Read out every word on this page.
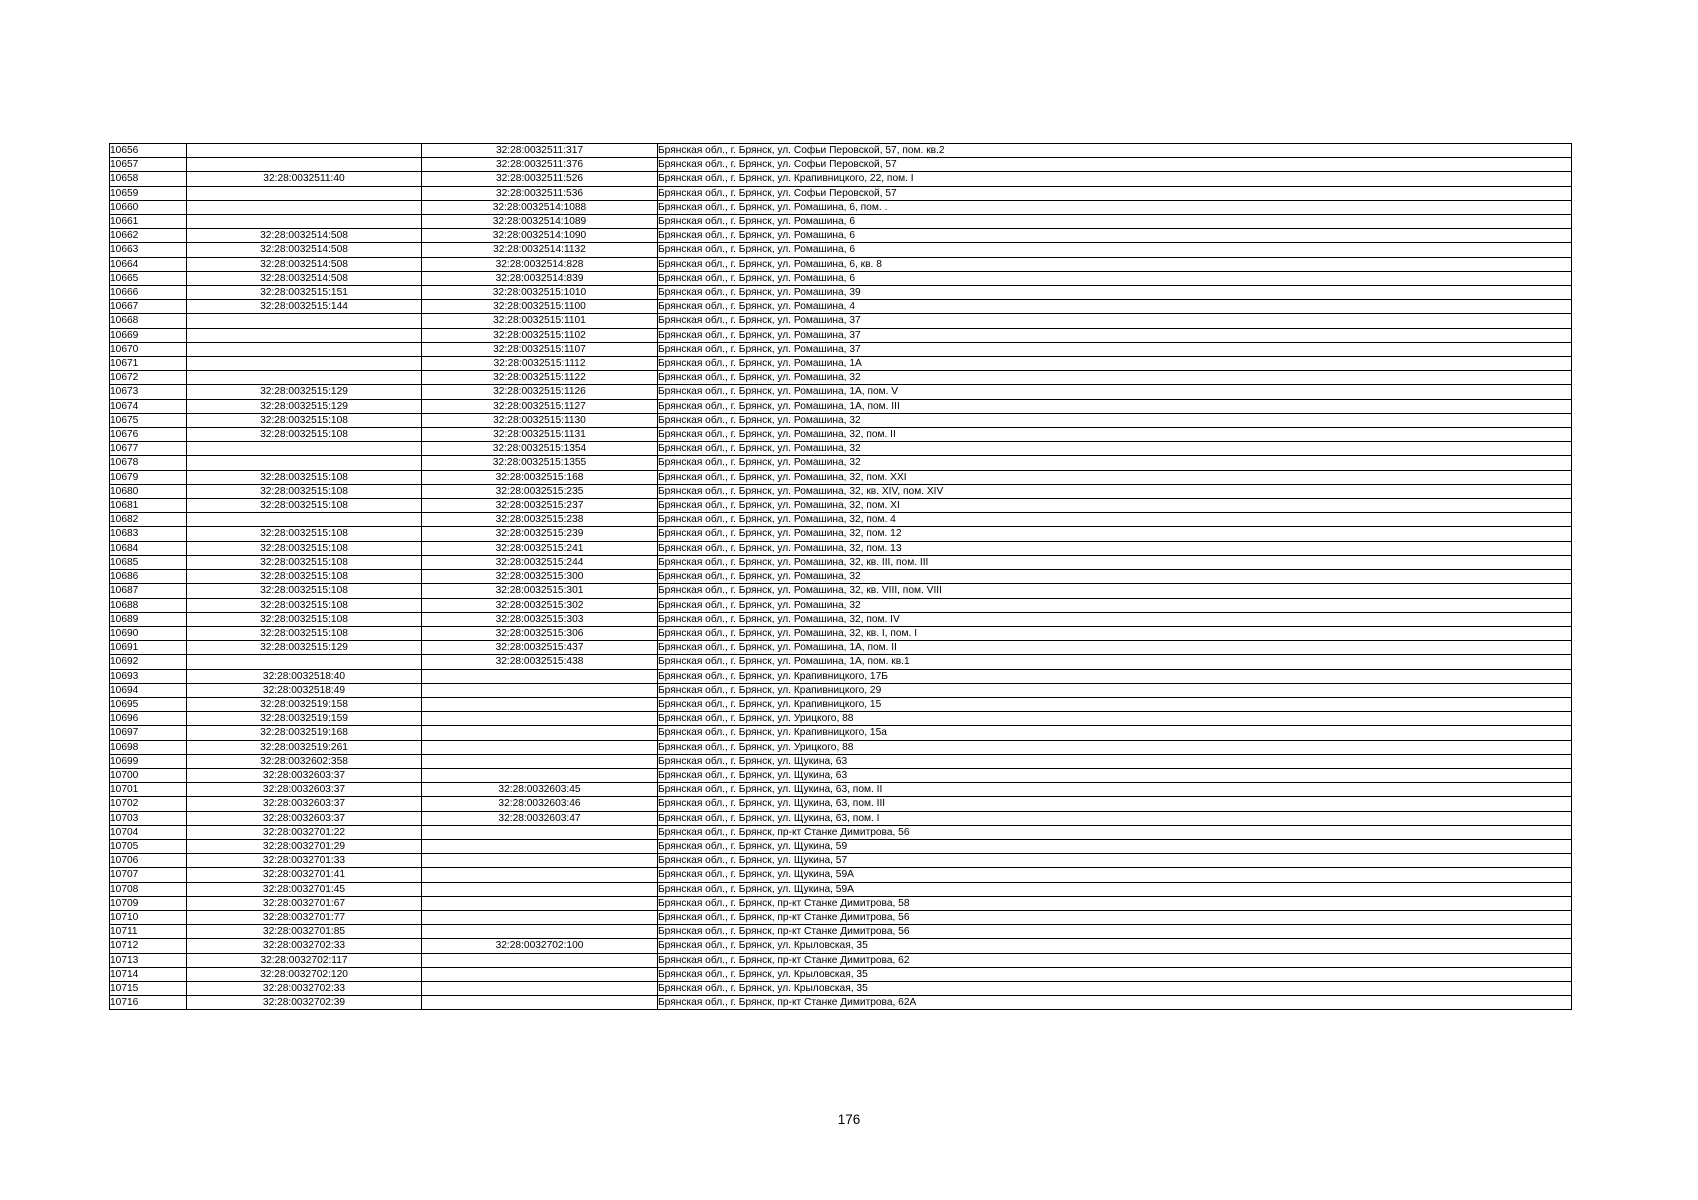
10656		32:28:0032511:317	Брянская обл., г. Брянск, ул. Софьи Перовской, 57, пом. кв.2
10657		32:28:0032511:376	Брянская обл., г. Брянск, ул. Софьи Перовской, 57
10658	32:28:0032511:40	32:28:0032511:526	Брянская обл., г. Брянск, ул. Крапивницкого, 22, пом. I
10659		32:28:0032511:536	Брянская обл., г. Брянск, ул. Софьи Перовской, 57
10660		32:28:0032514:1088	Брянская обл., г. Брянск, ул. Ромашина, 6, пом. .
10661		32:28:0032514:1089	Брянская обл., г. Брянск, ул. Ромашина, 6
10662	32:28:0032514:508	32:28:0032514:1090	Брянская обл., г. Брянск, ул. Ромашина, 6
10663	32:28:0032514:508	32:28:0032514:1132	Брянская обл., г. Брянск, ул. Ромашина, 6
10664	32:28:0032514:508	32:28:0032514:828	Брянская обл., г. Брянск, ул. Ромашина, 6, кв. 8
10665	32:28:0032514:508	32:28:0032514:839	Брянская обл., г. Брянск, ул. Ромашина, 6
10666	32:28:0032515:151	32:28:0032515:1010	Брянская обл., г. Брянск, ул. Ромашина, 39
10667	32:28:0032515:144	32:28:0032515:1100	Брянская обл., г. Брянск, ул. Ромашина, 4
10668		32:28:0032515:1101	Брянская обл., г. Брянск, ул. Ромашина, 37
10669		32:28:0032515:1102	Брянская обл., г. Брянск, ул. Ромашина, 37
10670		32:28:0032515:1107	Брянская обл., г. Брянск, ул. Ромашина, 37
10671		32:28:0032515:1112	Брянская обл., г. Брянск, ул. Ромашина, 1А
10672		32:28:0032515:1122	Брянская обл., г. Брянск, ул. Ромашина, 32
10673	32:28:0032515:129	32:28:0032515:1126	Брянская обл., г. Брянск, ул. Ромашина, 1А, пом. V
10674	32:28:0032515:129	32:28:0032515:1127	Брянская обл., г. Брянск, ул. Ромашина, 1А, пом. III
10675	32:28:0032515:108	32:28:0032515:1130	Брянская обл., г. Брянск, ул. Ромашина, 32
10676	32:28:0032515:108	32:28:0032515:1131	Брянская обл., г. Брянск, ул. Ромашина, 32, пом. II
10677		32:28:0032515:1354	Брянская обл., г. Брянск, ул. Ромашина, 32
10678		32:28:0032515:1355	Брянская обл., г. Брянск, ул. Ромашина, 32
10679	32:28:0032515:108	32:28:0032515:168	Брянская обл., г. Брянск, ул. Ромашина, 32, пом. XXI
10680	32:28:0032515:108	32:28:0032515:235	Брянская обл., г. Брянск, ул. Ромашина, 32, кв. XIV, пом. XIV
10681	32:28:0032515:108	32:28:0032515:237	Брянская обл., г. Брянск, ул. Ромашина, 32, пом. XI
10682		32:28:0032515:238	Брянская обл., г. Брянск, ул. Ромашина, 32, пом. 4
10683	32:28:0032515:108	32:28:0032515:239	Брянская обл., г. Брянск, ул. Ромашина, 32, пом. 12
10684	32:28:0032515:108	32:28:0032515:241	Брянская обл., г. Брянск, ул. Ромашина, 32, пом. 13
10685	32:28:0032515:108	32:28:0032515:244	Брянская обл., г. Брянск, ул. Ромашина, 32, кв. III, пом. III
10686	32:28:0032515:108	32:28:0032515:300	Брянская обл., г. Брянск, ул. Ромашина, 32
10687	32:28:0032515:108	32:28:0032515:301	Брянская обл., г. Брянск, ул. Ромашина, 32, кв. VIII, пом. VIII
10688	32:28:0032515:108	32:28:0032515:302	Брянская обл., г. Брянск, ул. Ромашина, 32
10689	32:28:0032515:108	32:28:0032515:303	Брянская обл., г. Брянск, ул. Ромашина, 32, пом. IV
10690	32:28:0032515:108	32:28:0032515:306	Брянская обл., г. Брянск, ул. Ромашина, 32, кв. I, пом. I
10691	32:28:0032515:129	32:28:0032515:437	Брянская обл., г. Брянск, ул. Ромашина, 1А, пом. II
10692		32:28:0032515:438	Брянская обл., г. Брянск, ул. Ромашина, 1А, пом. кв.1
10693	32:28:0032518:40		Брянская обл., г. Брянск, ул. Крапивницкого, 17Б
10694	32:28:0032518:49		Брянская обл., г. Брянск, ул. Крапивницкого, 29
10695	32:28:0032519:158		Брянская обл., г. Брянск, ул. Крапивницкого, 15
10696	32:28:0032519:159		Брянская обл., г. Брянск, ул. Урицкого, 88
10697	32:28:0032519:168		Брянская обл., г. Брянск, ул. Крапивницкого, 15а
10698	32:28:0032519:261		Брянская обл., г. Брянск, ул. Урицкого, 88
10699	32:28:0032602:358		Брянская обл., г. Брянск, ул. Щукина, 63
10700	32:28:0032603:37		Брянская обл., г. Брянск, ул. Щукина, 63
10701	32:28:0032603:37	32:28:0032603:45	Брянская обл., г. Брянск, ул. Щукина, 63, пом. II
10702	32:28:0032603:37	32:28:0032603:46	Брянская обл., г. Брянск, ул. Щукина, 63, пом. III
10703	32:28:0032603:37	32:28:0032603:47	Брянская обл., г. Брянск, ул. Щукина, 63, пом. I
10704	32:28:0032701:22		Брянская обл., г. Брянск, пр-кт Станке Димитрова, 56
10705	32:28:0032701:29		Брянская обл., г. Брянск, ул. Щукина, 59
10706	32:28:0032701:33		Брянская обл., г. Брянск, ул. Щукина, 57
10707	32:28:0032701:41		Брянская обл., г. Брянск, ул. Щукина, 59А
10708	32:28:0032701:45		Брянская обл., г. Брянск, ул. Щукина, 59А
10709	32:28:0032701:67		Брянская обл., г. Брянск, пр-кт Станке Димитрова, 58
10710	32:28:0032701:77		Брянская обл., г. Брянск, пр-кт Станке Димитрова, 56
10711	32:28:0032701:85		Брянская обл., г. Брянск, пр-кт Станке Димитрова, 56
10712	32:28:0032702:33	32:28:0032702:100	Брянская обл., г. Брянск, ул. Крыловская, 35
10713	32:28:0032702:117		Брянская обл., г. Брянск, пр-кт Станке Димитрова, 62
10714	32:28:0032702:120		Брянская обл., г. Брянск, ул. Крыловская, 35
10715	32:28:0032702:33		Брянская обл., г. Брянск, ул. Крыловская, 35
10716	32:28:0032702:39		Брянская обл., г. Брянск, пр-кт Станке Димитрова, 62А
176
